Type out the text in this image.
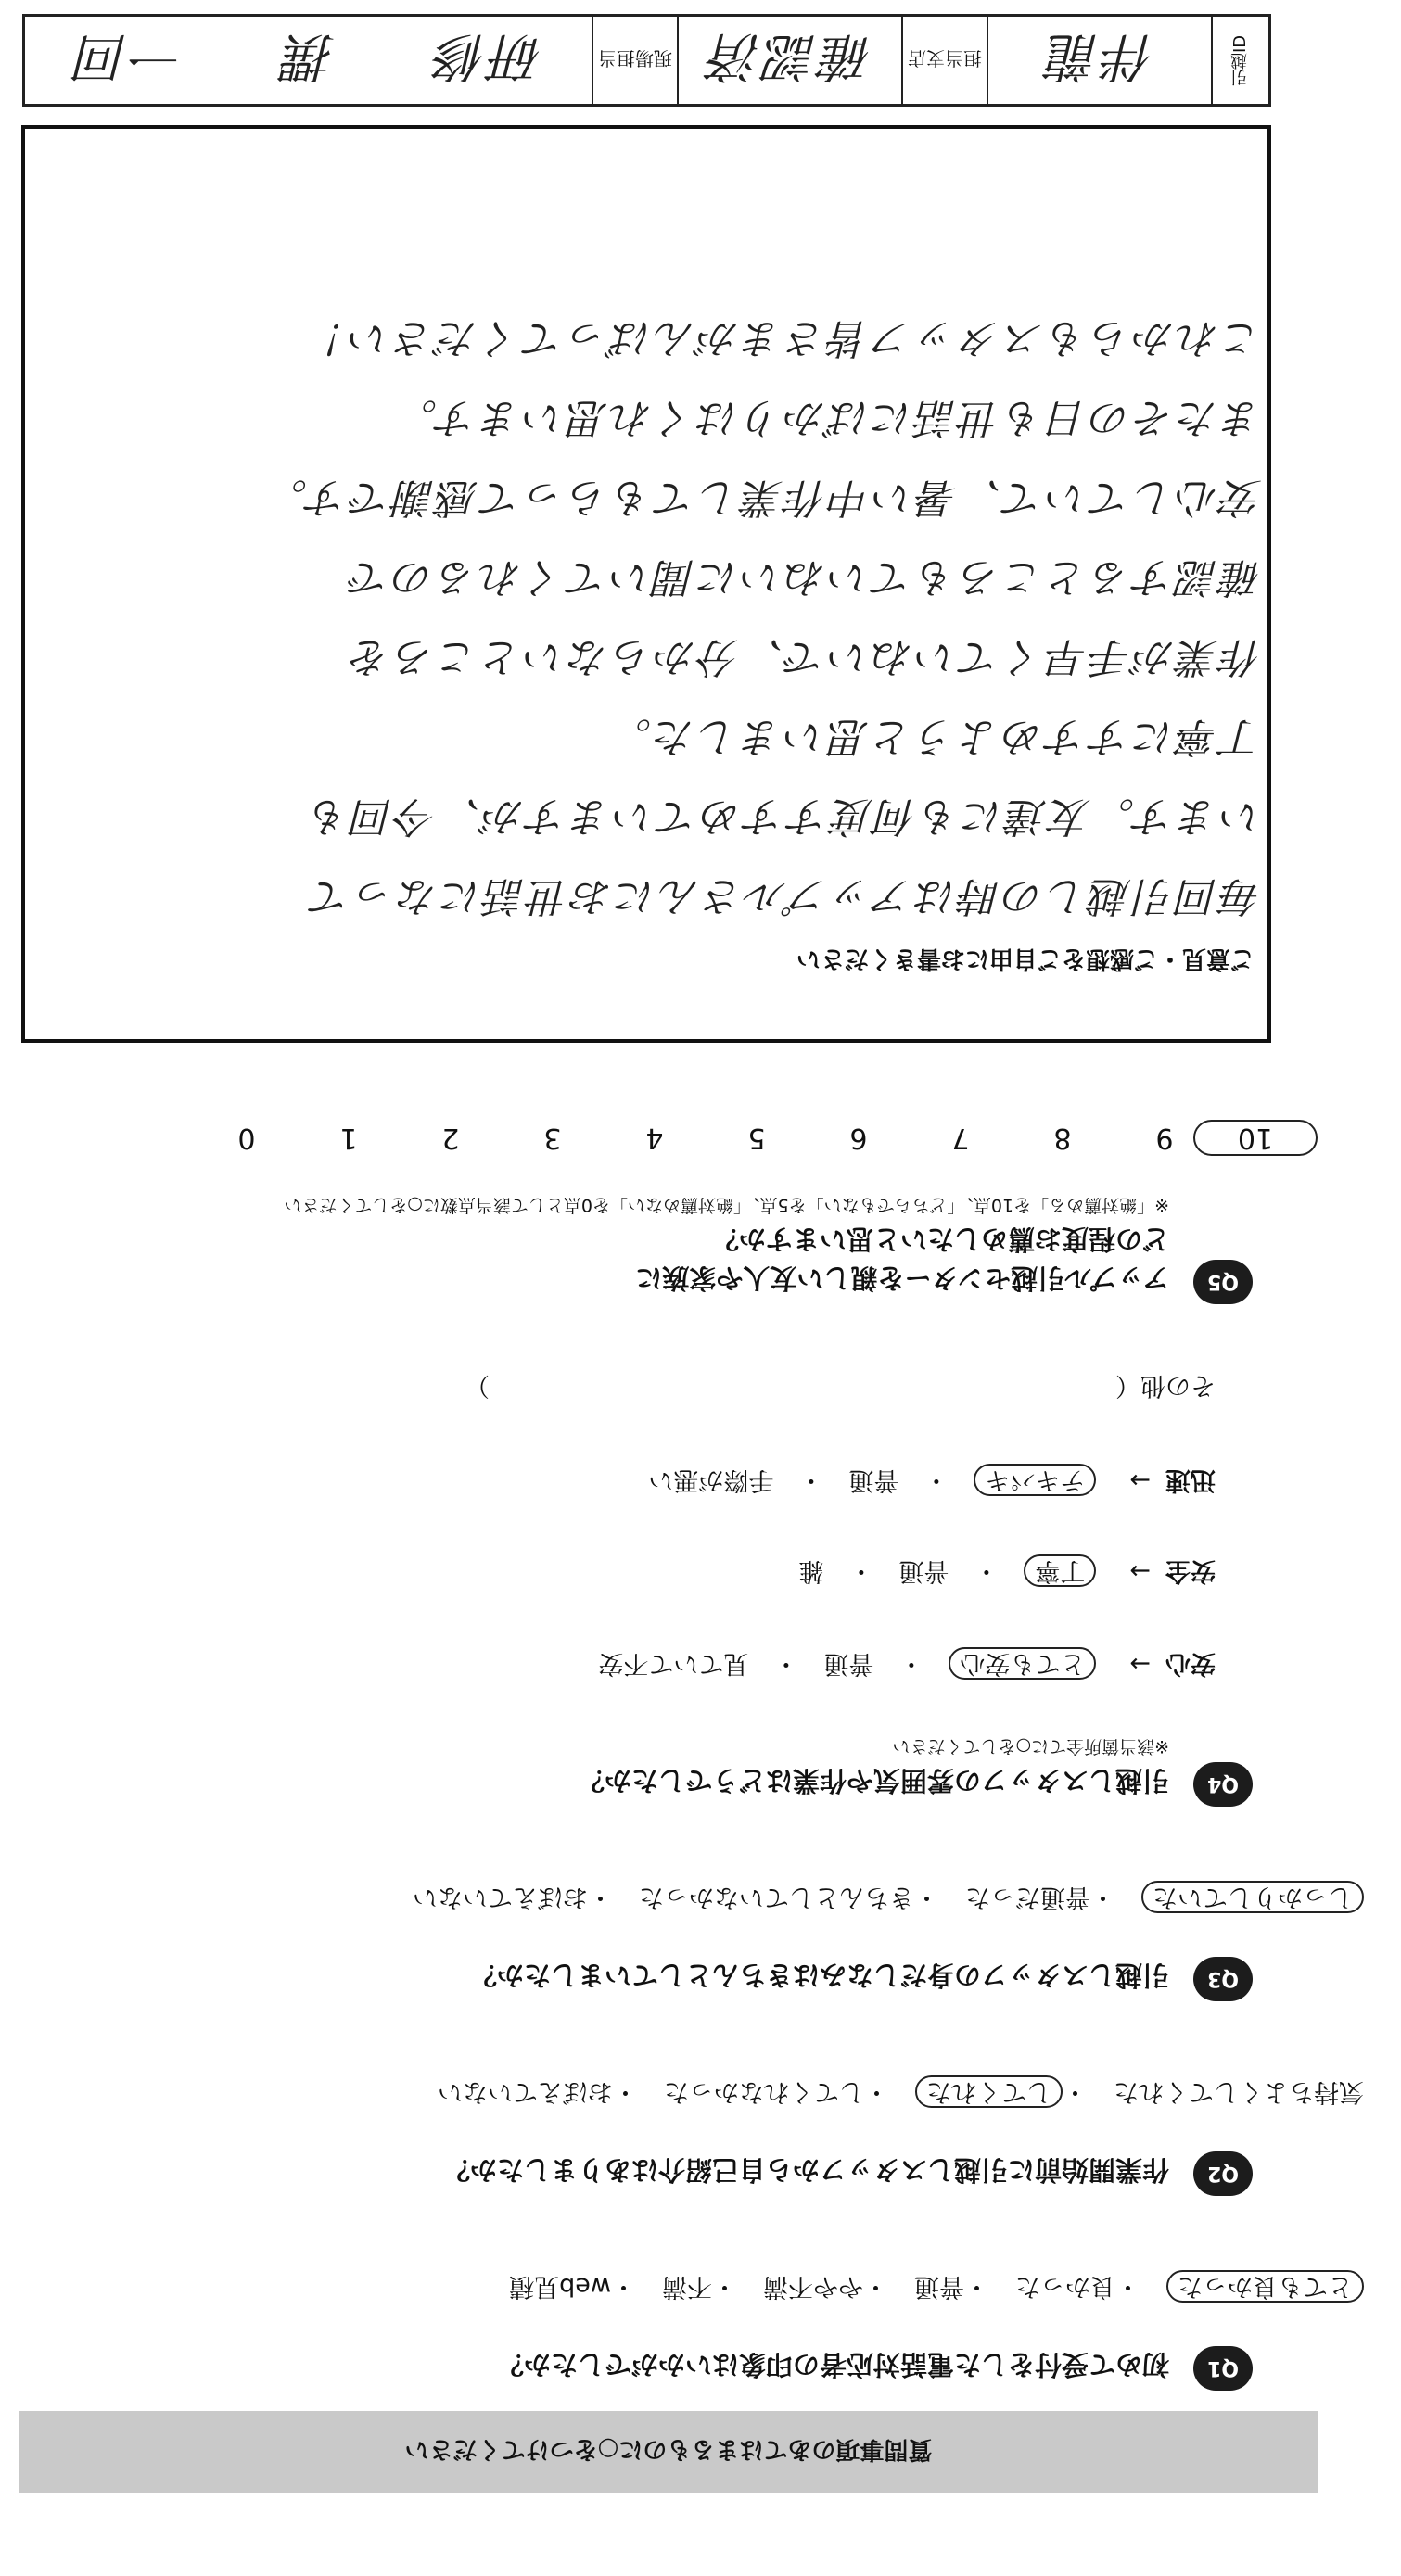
引越ID
伴龍
担当支店
確認済
現場担当
研修
撰
一回
ご意見・ご感想をご自由にお書きください
毎回引越しの時はアップルさんにお世話になって
います。友達にも何度すすめていますが、今回も
丁寧にすすめようと思いました。
作業が手早くていねいで、分からないところを
確認するところもていねいに聞いてくれるので
安心していて、暑い中作業してもらって感謝です。
またその日も世話にばかりはくれ思います。
これからもスタッフ皆さまがんばってください！
109876543210
Q5
アップル引越センターを親しい友人や家族に
どの程度お薦めしたいと思いますか？
※「絶対薦める」を10点、「どちらでもない」を5点、「絶対薦めない」を0点として該当点数に○をしてください
その他（　　　　　　　　　　　　　　　　　　　　　　　　　）
迅速→ テキパキ　・　普通　・　手際が悪い
安全→ 丁寧　・　普通　・　雑
安心→ とても安心　・　普通　・　見ていて不安
Q4
引越しスタッフの雰囲気や作業はどうでしたか？
※該当箇所全てに○をしてください
しっかりしていた・普通だった・きちんとしていなかった・おぼえていない
Q3
引越しスタッフの身だしなみはきちんとしていましたか？
気持ちよくしてくれた・してくれた・してくれなかった・おぼえていない
Q2
作業開始前に引越しスタッフから自己紹介はありましたか？
とても良かった・良かった・普通・やや不満・不満・web見積
Q1
初めて受付をした電話対応者の印象はいかがでしたか？
質問事項のあてはまるものに○をつけてください
